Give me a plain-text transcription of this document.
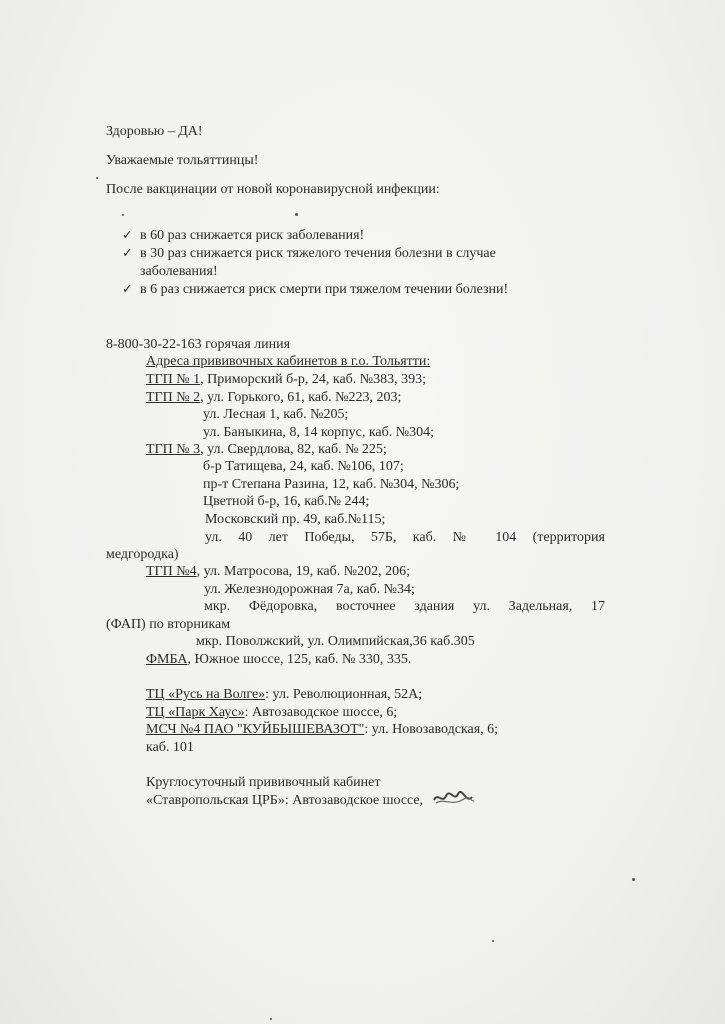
Здоровью – ДА!
Уважаемые тольяттинцы!
После вакцинации от новой коронавирусной инфекции:
✓ в 60 раз снижается риск заболевания!
✓ в 30 раз снижается риск тяжелого течения болезни в случае
заболевания!
✓ в 6 раз снижается риск смерти при тяжелом течении болезни!
8-800-30-22-163 горячая линия
Адреса прививочных кабинетов в г.о. Тольятти:
ТГП № 1, Приморский б-р, 24, каб. №383, 393;
ТГП № 2, ул. Горького, 61, каб. №223, 203;
ул. Лесная 1, каб. №205;
ул. Баныкина, 8, 14 корпус, каб. №304;
ТГП № 3, ул. Свердлова, 82, каб. № 225;
б-р Татищева, 24, каб. №106, 107;
пр-т Степана Разина, 12, каб. №304, №306;
Цветной б-р, 16, каб.№ 244;
Московский пр. 49, каб.№115;
ул. 40 лет Победы, 57Б, каб. № 104 (территория
медгородка)
ТГП №4, ул. Матросова, 19, каб. №202, 206;
ул. Железнодорожная 7а, каб. №34;
мкр. Фёдоровка, восточнее здания ул. Задельная, 17
(ФАП) по вторникам
мкр. Поволжский, ул. Олимпийская,36 каб.305
ФМБА, Южное шоссе, 125, каб. № 330, 335.
ТЦ «Русь на Волге»: ул. Революционная, 52А;
ТЦ «Парк Хаус»: Автозаводское шоссе, 6;
МСЧ №4 ПАО "КУЙБЫШЕВАЗОТ": ул. Новозаводская, 6;
каб. 101
Круглосуточный прививочный кабинет
«Ставропольская ЦРБ»: Автозаводское шоссе,
